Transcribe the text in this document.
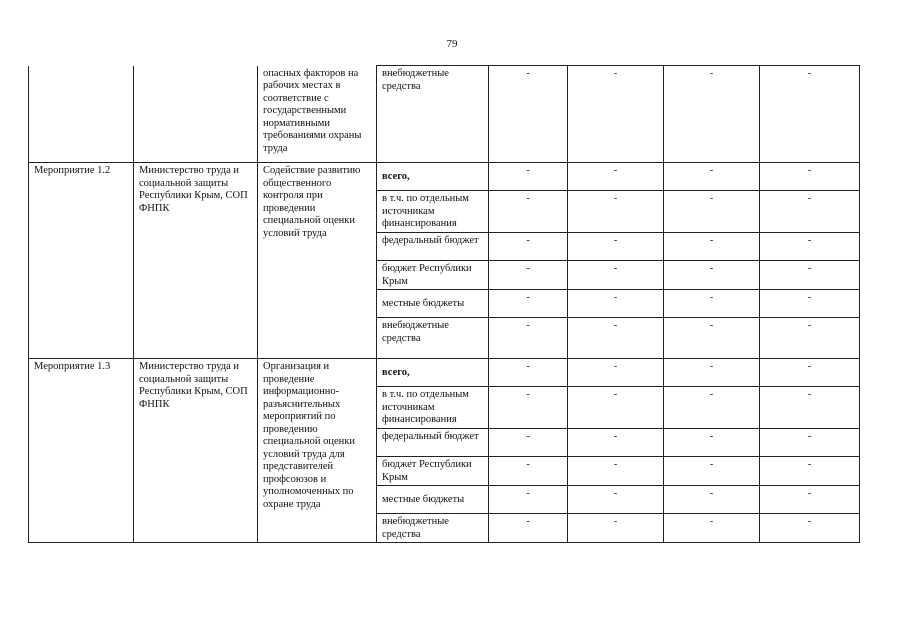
79
		опасных факторов на рабочих местах в соответствие с государственными нормативными требованиями охраны труда	внебюджетные средства	-	-	-	-
Мероприятие 1.2	Министерство труда и социальной защиты Республики Крым, СОП ФНПК	Содействие развитию общественного контроля при проведении специальной оценки условий труда	всего,	-	-	-	-
			в т.ч. по отдельным источникам финансирования	-	-	-	-
			федеральный бюджет	-	-	-	-
			бюджет Республики Крым	-	-	-	-
			местные бюджеты	-	-	-	-
			внебюджетные средства	-	-	-	-
Мероприятие 1.3	Министерство труда и социальной защиты Республики Крым, СОП ФНПК	Организация и проведение информационно-разъяснительных мероприятий по проведению специальной оценки условий труда для представителей профсоюзов и уполномоченных по охране труда	всего,	-	-	-	-
			в т.ч. по отдельным источникам финансирования	-	-	-	-
			федеральный бюджет	-	-	-	-
			бюджет Республики Крым	-	-	-	-
			местные бюджеты	-	-	-	-
			внебюджетные средства	-	-	-	-
